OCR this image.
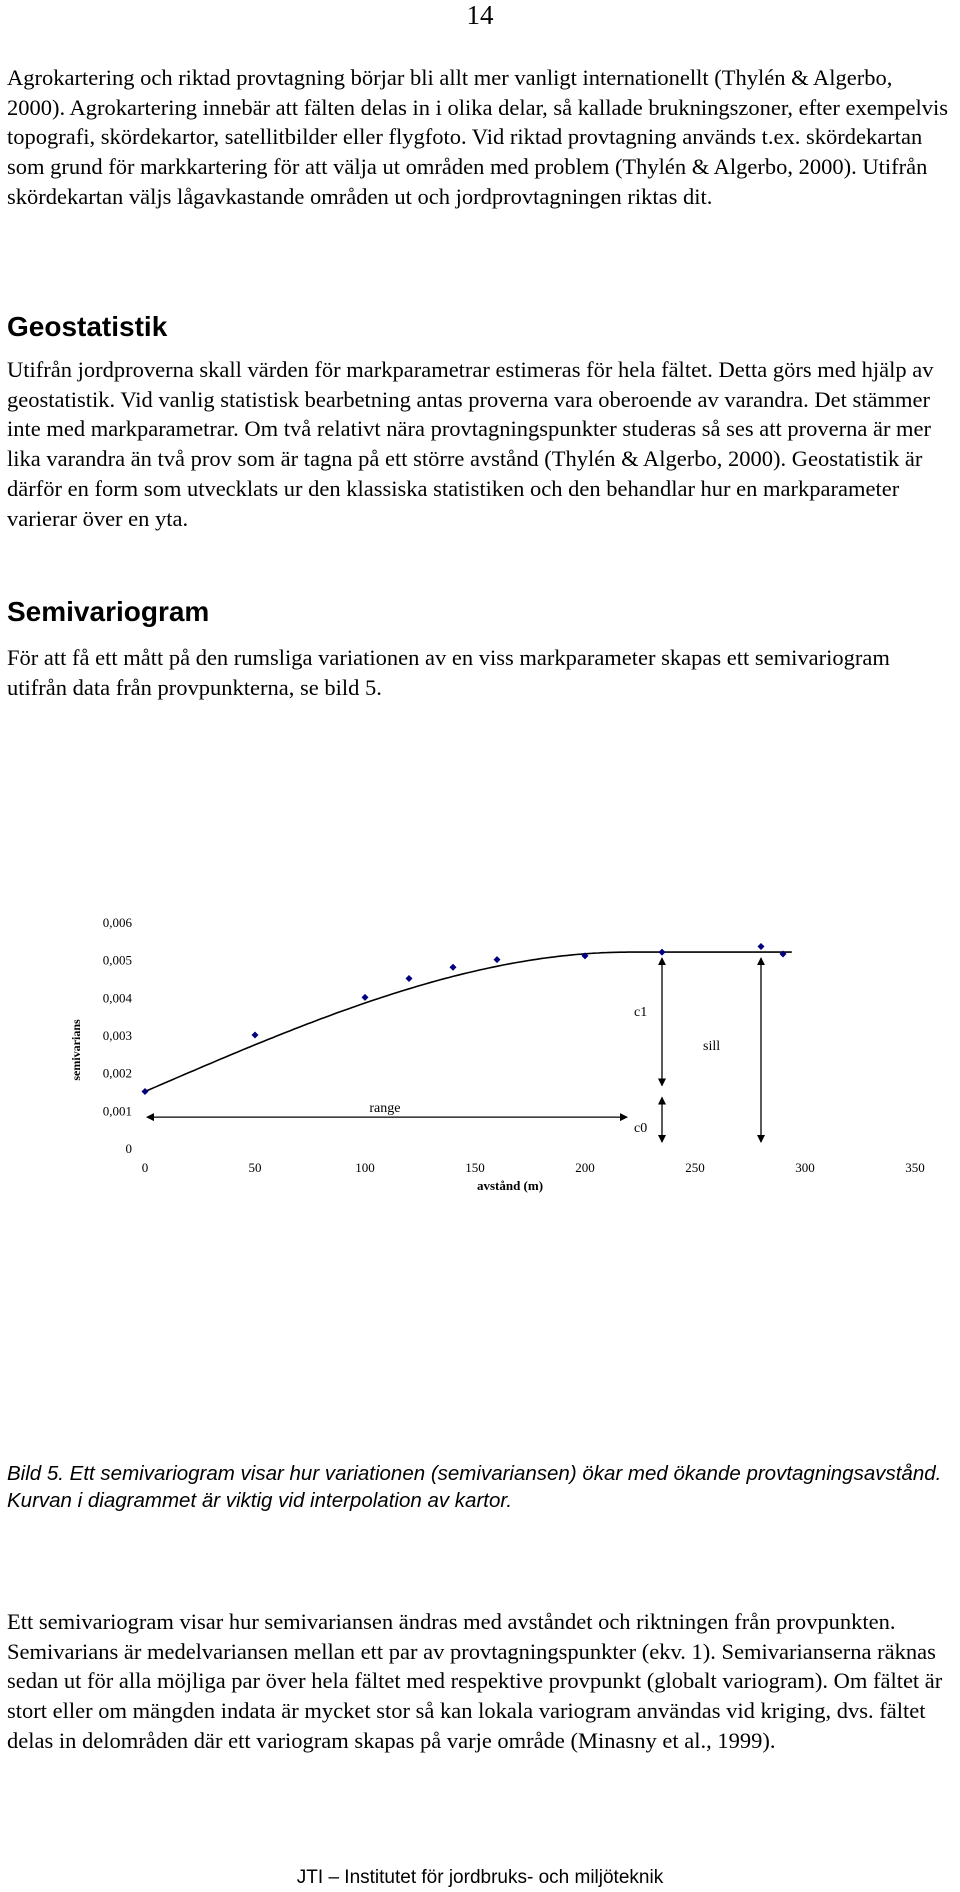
14

Agrokartering och riktad provtagning börjar bli allt mer vanligt internationellt (Thylén & Algerbo, 2000). Agrokartering innebär att fälten delas in i olika delar, så kallade brukningszoner, efter exempelvis topografi, skördekartor, satellitbilder eller flygfoto. Vid riktad provtagning används t.ex. skördekartan som grund för markkartering för att välja ut områden med problem (Thylén & Algerbo, 2000). Utifrån skördekartan väljs lågavkastande områden ut och jordprovtagningen riktas dit.

Geostatistik

Utifrån jordproverna skall värden för markparametrar estimeras för hela fältet. Detta görs med hjälp av geostatistik. Vid vanlig statistisk bearbetning antas proverna vara oberoende av varandra. Det stämmer inte med markparametrar. Om två relativt nära provtagningspunkter studeras så ses att proverna är mer lika varandra än två prov som är tagna på ett större avstånd (Thylén & Algerbo, 2000). Geostatistik är därför en form som utvecklats ur den klassiska statistiken och den behandlar hur en markparameter varierar över en yta.

Semivariogram

För att få ett mått på den rumsliga variationen av en viss markparameter skapas ett semivariogram utifrån data från provpunkterna, se bild 5.

0
0,001
0,002
0,003
0,004
0,005
0,006
0	50	100	150	200	250	300	350
semivarians
avstånd (m)
c1
sill
range
c0

Bild 5. Ett semivariogram visar hur variationen (semivariansen) ökar med ökande provtagningsavstånd. Kurvan i diagrammet är viktig vid interpolation av kartor.

Ett semivariogram visar hur semivariansen ändras med avståndet och riktningen från provpunkten. Semivarians är medelvariansen mellan ett par av provtagningspunkter (ekv. 1). Semivarianserna räknas sedan ut för alla möjliga par över hela fältet med respektive provpunkt (globalt variogram). Om fältet är stort eller om mängden indata är mycket stor så kan lokala variogram användas vid kriging, dvs. fältet delas in delområden där ett variogram skapas på varje område (Minasny et al., 1999).

JTI – Institutet för jordbruks- och miljöteknik
